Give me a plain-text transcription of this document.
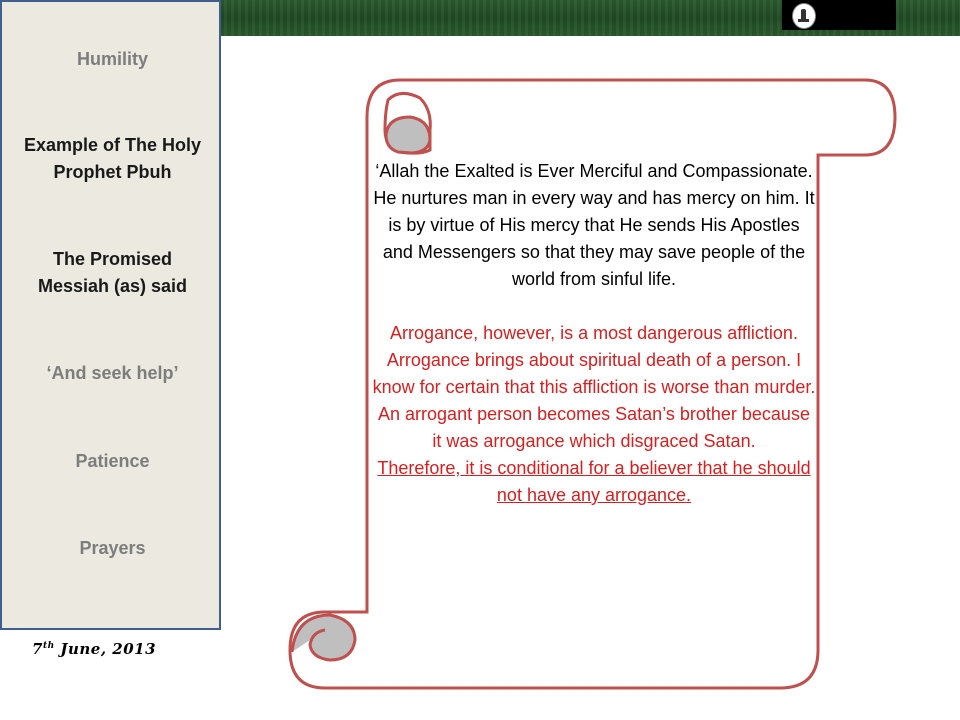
Humility
Example of The Holy Prophet Pbuh
The Promised Messiah (as) said
‘And seek help’
Patience
Prayers
7th June, 2013

‘Allah the Exalted is Ever Merciful and Compassionate. He nurtures man in every way and has mercy on him. It is by virtue of His mercy that He sends His Apostles and Messengers so that they may save people of the world from sinful life.

Arrogance, however, is a most dangerous affliction. Arrogance brings about spiritual death of a person. I know for certain that this affliction is worse than murder. An arrogant person becomes Satan’s brother because it was arrogance which disgraced Satan.

Therefore, it is conditional for a believer that he should not have any arrogance.
